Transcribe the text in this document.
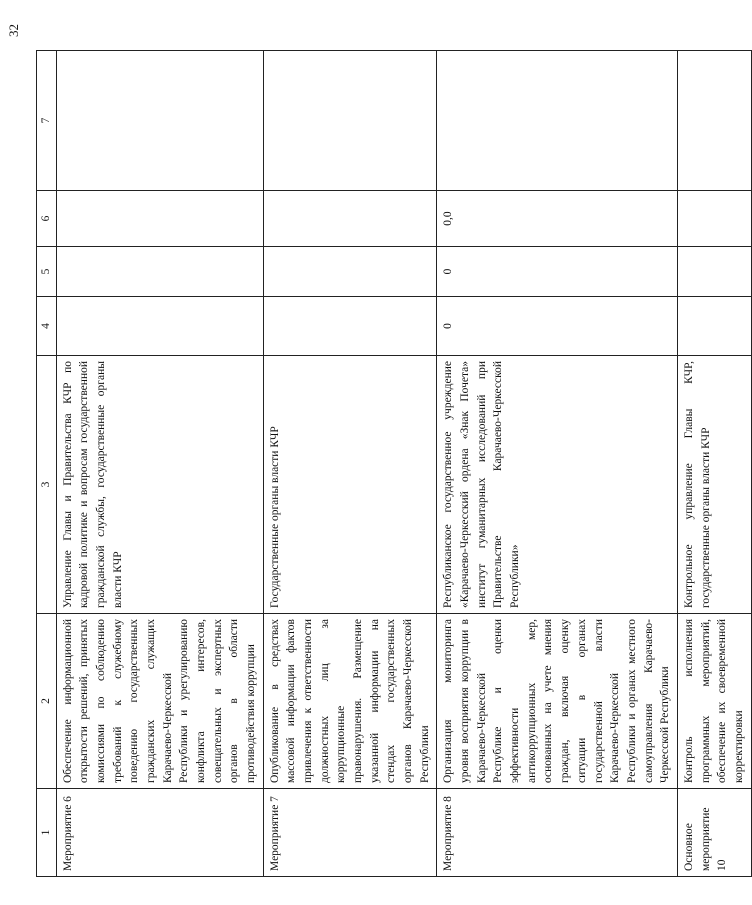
32
1	2	3	4	5	6	7
Мероприятие 6	Обеспечение информационной открытости решений, принятых комиссиями по соблюдению требований к служебному поведению государственных гражданских служащих Карачаево-Черкесской Республики и урегулированию конфликта интересов, совещательных и экспертных органов в области противодействия коррупции	Управление Главы и Правительства КЧР по кадровой политике и вопросам государственной гражданской службы, государственные органы власти КЧР				
Мероприятие 7	Опубликование в средствах массовой информации фактов привлечения к ответственности должностных лиц за коррупционные правонарушения. Размещение указанной информации на стендах государственных органов Карачаево-Черкесской Республики	Государственные органы власти КЧР				
Мероприятие 8	Организация мониторинга уровня восприятия коррупции в Карачаево-Черкесской Республике и оценки эффективности антикоррупционных мер, основанных на учете мнения граждан, включая оценку ситуации в органах государственной власти Карачаево-Черкесской Республики и органах местного самоуправления Карачаево-Черкесской Республики	Республиканское государственное учреждение «Карачаево-Черкесский ордена «Знак Почета» институт гуманитарных исследований при Правительстве Карачаево-Черкесской Республики»	0	0	0,0	
Основное мероприятие 10	Контроль исполнения программных мероприятий, обеспечение их своевременной корректировки	Контрольное управление Главы КЧР, государственные органы власти КЧР				
